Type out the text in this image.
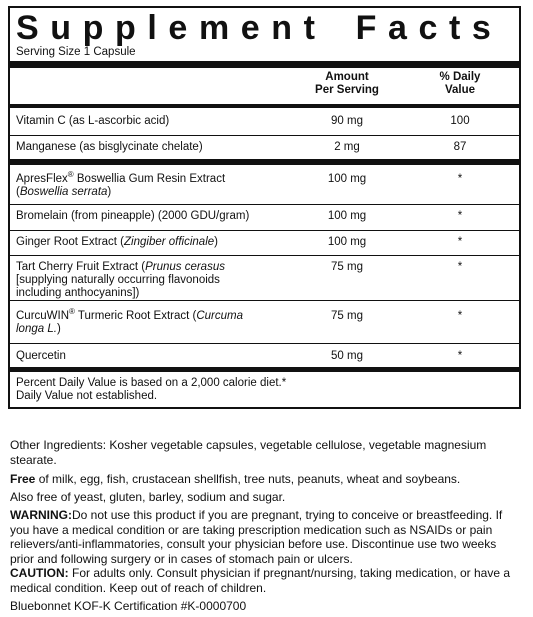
Supplement Facts
Serving Size 1 Capsule
Amount
Per Serving
% Daily
Value
Vitamin C (as L-ascorbic acid)	90 mg	100
Manganese (as bisglycinate chelate)	2 mg	87
ApresFlex® Boswellia Gum Resin Extract
(Boswellia serrata)
100 mg	*
Bromelain (from pineapple) (2000 GDU/gram)	100 mg	*
Ginger Root Extract (Zingiber officinale)	100 mg	*
Tart Cherry Fruit Extract (Prunus cerasus
[supplying naturally occurring flavonoids
including anthocyanins])
75 mg	*
CurcuWIN® Turmeric Root Extract (Curcuma
longa L.)
75 mg	*
Quercetin	50 mg	*
Percent Daily Value is based on a 2,000 calorie diet.*
Daily Value not established.
Other Ingredients: Kosher vegetable capsules, vegetable cellulose, vegetable magnesium stearate.
Free of milk, egg, fish, crustacean shellfish, tree nuts, peanuts, wheat and soybeans.
Also free of yeast, gluten, barley, sodium and sugar.
WARNING:Do not use this product if you are pregnant, trying to conceive or breastfeeding. If you have a medical condition or are taking prescription medication such as NSAIDs or pain relievers/anti-inflammatories, consult your physician before use. Discontinue use two weeks prior and following surgery or in cases of stomach pain or ulcers.
CAUTION: For adults only. Consult physician if pregnant/nursing, taking medication, or have a medical condition. Keep out of reach of children.
Bluebonnet KOF-K Certification #K-0000700
